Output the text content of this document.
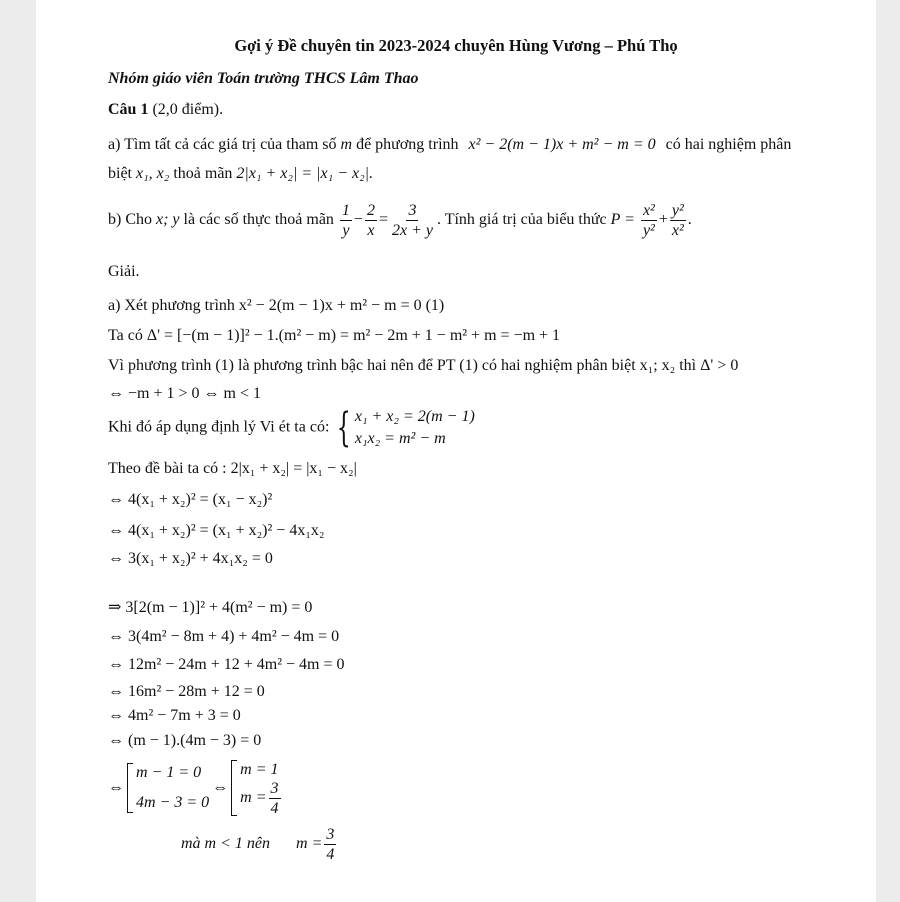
Gợi ý Đề chuyên tin 2023-2024 chuyên Hùng Vương – Phú Thọ
Nhóm giáo viên Toán trường THCS Lâm Thao
Câu 1 (2,0 điểm).
a) Tìm tất cả các giá trị của tham số m để phương trình x² − 2(m − 1)x + m² − m = 0 có hai nghiệm phân
biệt x₁, x₂ thoả mãn 2|x₁ + x₂| = |x₁ − x₂|.
b) Cho x; y là các số thực thoả mãn $\frac{1}{y} - \frac{2}{x} = \frac{3}{2x + y}$ . Tính giá trị của biểu thức $P = \frac{\text{x²}}{\text{y²}} + \frac{\text{y²}}{\text{x²}}$ .
Giải.
a) Xét phương trình x² − 2(m − 1)x + m² − m = 0 (1)
Ta có Δ' = [−(m − 1)]² − 1.(m² − m) = m² − 2m + 1 − m² + m = −m + 1
Vì phương trình (1) là phương trình bậc hai nên để PT (1) có hai nghiệm phân biệt x₁; x₂ thì Δ' > 0
⇔ −m + 1 > 0 ⇔ m < 1
Khi đó áp dụng định lý Vi ét ta có: { x₁ + x₂ = 2(m − 1)
x₁x₂ = m² − m
Theo đề bài ta có : 2|x₁ + x₂| = |x₁ − x₂|
⇔ 4(x₁ + x₂)² = (x₁ − x₂)²
⇔ 4(x₁ + x₂)² = (x₁ + x₂)² − 4x₁x₂
⇔ 3(x₁ + x₂)² + 4x₁x₂ = 0
⇒ 3[2(m − 1)]² + 4(m² − m) = 0
⇔ 3(4m² − 8m + 4) + 4m² − 4m = 0
⇔ 12m² − 24m + 12 + 4m² − 4m = 0
⇔ 16m² − 28m + 12 = 0
⇔ 4m² − 7m + 3 = 0
⇔ (m − 1).(4m − 3) = 0
⇔
m − 1 = 0
4m − 3 = 0
⇔
m = 1
$m = \frac{3}{4}$
mà m < 1 nên $m = \frac{3}{4}$
